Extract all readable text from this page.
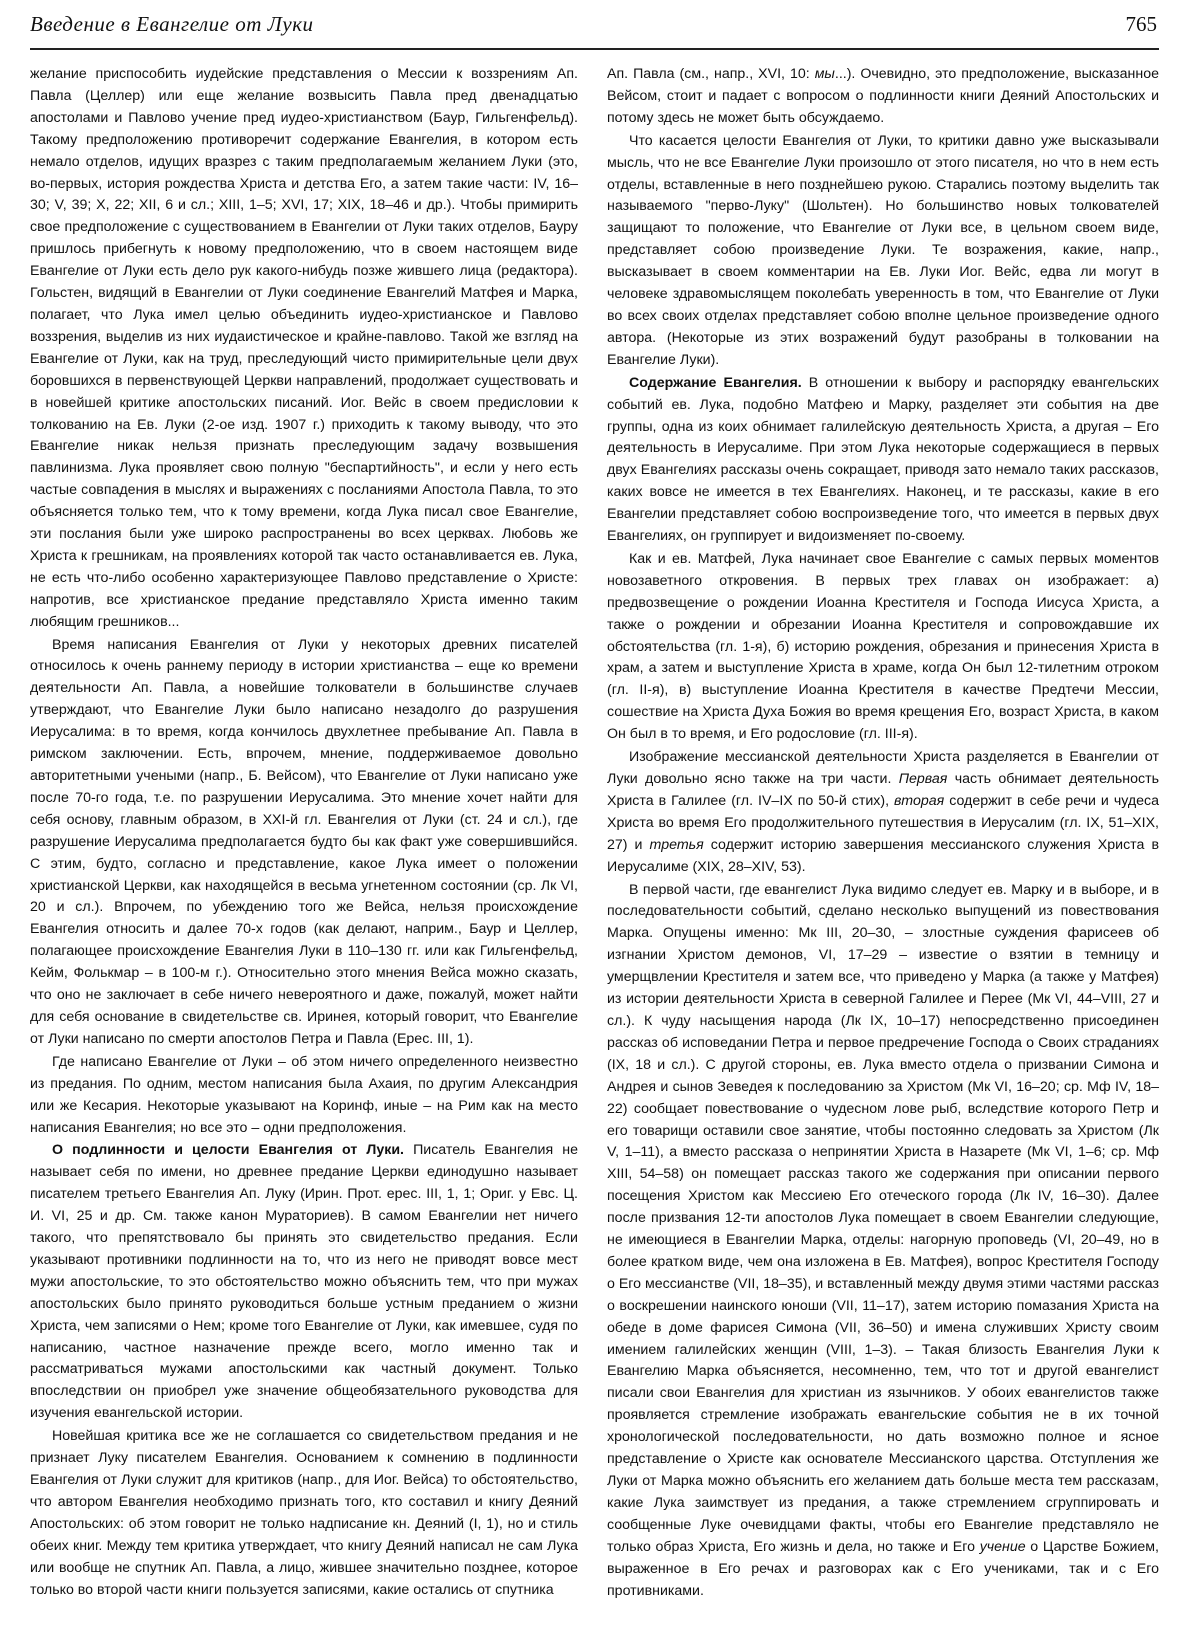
Введение в Евангелие от Луки	765

желание приспособить иудейские представления о Мессии к воззрениям Ап. Павла (Целлер) или еще желание возвысить Павла пред двенадцатью апостолами и Павлово учение пред иудео-христианством (Баур, Гильгенфельд). Такому предположению противоречит содержание Евангелия, в котором есть немало отделов, идущих вразрез с таким предполагаемым желанием Луки (это, во-первых, история рождества Христа и детства Его, а затем такие части: IV, 16–30; V, 39; X, 22; XII, 6 и сл.; XIII, 1–5; XVI, 17; XIX, 18–46 и др.). Чтобы примирить свое предположение с существованием в Евангелии от Луки таких отделов, Бауру пришлось прибегнуть к новому предположению, что в своем настоящем виде Евангелие от Луки есть дело рук какого-нибудь позже жившего лица (редактора). Гольстен, видящий в Евангелии от Луки соединение Евангелий Матфея и Марка, полагает, что Лука имел целью объединить иудео-христианское и Павлово воззрения, выделив из них иудаистическое и крайне-павлово. Такой же взгляд на Евангелие от Луки, как на труд, преследующий чисто примирительные цели двух боровшихся в первенствующей Церкви направлений, продолжает существовать и в новейшей критике апостольских писаний. Иог. Вейс в своем предисловии к толкованию на Ев. Луки (2-ое изд. 1907 г.) приходить к такому выводу, что это Евангелие никак нельзя признать преследующим задачу возвышения павлинизма. Лука проявляет свою полную "беспартийность", и если у него есть частые совпадения в мыслях и выражениях с посланиями Апостола Павла, то это объясняется только тем, что к тому времени, когда Лука писал свое Евангелие, эти послания были уже широко распространены во всех церквах. Любовь же Христа к грешникам, на проявлениях которой так часто останавливается ев. Лука, не есть что-либо особенно характеризующее Павлово представление о Христе: напротив, все христианское предание представляло Христа именно таким любящим грешников...

Время написания Евангелия от Луки у некоторых древних писателей относилось к очень раннему периоду в истории христианства – еще ко времени деятельности Ап. Павла, а новейшие толкователи в большинстве случаев утверждают, что Евангелие Луки было написано незадолго до разрушения Иерусалима: в то время, когда кончилось двухлетнее пребывание Ап. Павла в римском заключении. Есть, впрочем, мнение, поддерживаемое довольно авторитетными учеными (напр., Б. Вейсом), что Евангелие от Луки написано уже после 70-го года, т.е. по разрушении Иерусалима. Это мнение хочет найти для себя основу, главным образом, в XXI-й гл. Евангелия от Луки (ст. 24 и сл.), где разрушение Иерусалима предполагается будто бы как факт уже совершившийся. С этим, будто, согласно и представление, какое Лука имеет о положении христианской Церкви, как находящейся в весьма угнетенном состоянии (ср. Лк VI, 20 и сл.). Впрочем, по убеждению того же Вейса, нельзя происхождение Евангелия относить и далее 70-х годов (как делают, наприм., Баур и Целлер, полагающее происхождение Евангелия Луки в 110–130 гг. или как Гильгенфельд, Кейм, Фолькмар – в 100-м г.). Относительно этого мнения Вейса можно сказать, что оно не заключает в себе ничего невероятного и даже, пожалуй, может найти для себя основание в свидетельстве св. Иринея, который говорит, что Евангелие от Луки написано по смерти апостолов Петра и Павла (Ерес. III, 1).

Где написано Евангелие от Луки – об этом ничего определенного неизвестно из предания. По одним, местом написания была Ахаия, по другим Александрия или же Кесария. Некоторые указывают на Коринф, иные – на Рим как на место написания Евангелия; но все это – одни предположения.

О подлинности и целости Евангелия от Луки. Писатель Евангелия не называет себя по имени, но древнее предание Церкви единодушно называет писателем третьего Евангелия Ап. Луку (Ирин. Прот. ерес. III, 1, 1; Ориг. у Евс. Ц. И. VI, 25 и др. См. также канон Мураториев). В самом Евангелии нет ничего такого, что препятствовало бы принять это свидетельство предания. Если указывают противники подлинности на то, что из него не приводят вовсе мест мужи апостольские, то это обстоятельство можно объяснить тем, что при мужах апостольских было принято руководиться больше устным преданием о жизни Христа, чем записями о Нем; кроме того Евангелие от Луки, как имевшее, судя по написанию, частное назначение прежде всего, могло именно так и рассматриваться мужами апостольскими как частный документ. Только впоследствии он приобрел уже значение общеобязательного руководства для изучения евангельской истории.

Новейшая критика все же не соглашается со свидетельством предания и не признает Луку писателем Евангелия. Основанием к сомнению в подлинности Евангелия от Луки служит для критиков (напр., для Иог. Вейса) то обстоятельство, что автором Евангелия необходимо признать того, кто составил и книгу Деяний Апостольских: об этом говорит не только надписание кн. Деяний (I, 1), но и стиль обеих книг. Между тем критика утверждает, что книгу Деяний написал не сам Лука или вообще не спутник Ап. Павла, а лицо, жившее значительно позднее, которое только во второй части книги пользуется записями, какие остались от спутника

Ап. Павла (см., напр., XVI, 10: мы...). Очевидно, это предположение, высказанное Вейсом, стоит и падает с вопросом о подлинности книги Деяний Апостольских и потому здесь не может быть обсуждаемо.

Что касается целости Евангелия от Луки, то критики давно уже высказывали мысль, что не все Евангелие Луки произошло от этого писателя, но что в нем есть отделы, вставленные в него позднейшею рукою. Старались поэтому выделить так называемого "перво-Луку" (Шольтен). Но большинство новых толкователей защищают то положение, что Евангелие от Луки все, в цельном своем виде, представляет собою произведение Луки. Те возражения, какие, напр., высказывает в своем комментарии на Ев. Луки Иог. Вейс, едва ли могут в человеке здравомыслящем поколебать уверенность в том, что Евангелие от Луки во всех своих отделах представляет собою вполне цельное произведение одного автора. (Некоторые из этих возражений будут разобраны в толковании на Евангелие Луки).

Содержание Евангелия. В отношении к выбору и распорядку евангельских событий ев. Лука, подобно Матфею и Марку, разделяет эти события на две группы, одна из коих обнимает галилейскую деятельность Христа, а другая – Его деятельность в Иерусалиме. При этом Лука некоторые содержащиеся в первых двух Евангелиях рассказы очень сокращает, приводя зато немало таких рассказов, каких вовсе не имеется в тех Евангелиях. Наконец, и те рассказы, какие в его Евангелии представляет собою воспроизведение того, что имеется в первых двух Евангелиях, он группирует и видоизменяет по-своему.

Как и ев. Матфей, Лука начинает свое Евангелие с самых первых моментов новозаветного откровения. В первых трех главах он изображает: а) предвозвещение о рождении Иоанна Крестителя и Господа Иисуса Христа, а также о рождении и обрезании Иоанна Крестителя и сопровождавшие их обстоятельства (гл. 1-я), б) историю рождения, обрезания и принесения Христа в храм, а затем и выступление Христа в храме, когда Он был 12-тилетним отроком (гл. II-я), в) выступление Иоанна Крестителя в качестве Предтечи Мессии, сошествие на Христа Духа Божия во время крещения Его, возраст Христа, в каком Он был в то время, и Его родословие (гл. III-я).

Изображение мессианской деятельности Христа разделяется в Евангелии от Луки довольно ясно также на три части. Первая часть обнимает деятельность Христа в Галилее (гл. IV–IX по 50-й стих), вторая содержит в себе речи и чудеса Христа во время Его продолжительного путешествия в Иерусалим (гл. IX, 51–XIX, 27) и третья содержит историю завершения мессианского служения Христа в Иерусалиме (XIX, 28–XIV, 53).

В первой части, где евангелист Лука видимо следует ев. Марку и в выборе, и в последовательности событий, сделано несколько выпущений из повествования Марка. Опущены именно: Мк III, 20–30, – злостные суждения фарисеев об изгнании Христом демонов, VI, 17–29 – известие о взятии в темницу и умерщвлении Крестителя и затем все, что приведено у Марка (а также у Матфея) из истории деятельности Христа в северной Галилее и Перее (Мк VI, 44–VIII, 27 и сл.). К чуду насыщения народа (Лк IX, 10–17) непосредственно присоединен рассказ об исповедании Петра и первое предречение Господа о Своих страданиях (IX, 18 и сл.). С другой стороны, ев. Лука вместо отдела о призвании Симона и Андрея и сынов Зеведея к последованию за Христом (Мк VI, 16–20; ср. Мф IV, 18–22) сообщает повествование о чудесном лове рыб, вследствие которого Петр и его товарищи оставили свое занятие, чтобы постоянно следовать за Христом (Лк V, 1–11), а вместо рассказа о непринятии Христа в Назарете (Мк VI, 1–6; ср. Мф XIII, 54–58) он помещает рассказ такого же содержания при описании первого посещения Христом как Мессиею Его отеческого города (Лк IV, 16–30). Далее после призвания 12-ти апостолов Лука помещает в своем Евангелии следующие, не имеющиеся в Евангелии Марка, отделы: нагорную проповедь (VI, 20–49, но в более кратком виде, чем она изложена в Ев. Матфея), вопрос Крестителя Господу о Его мессианстве (VII, 18–35), и вставленный между двумя этими частями рассказ о воскрешении наинского юноши (VII, 11–17), затем историю помазания Христа на обеде в доме фарисея Симона (VII, 36–50) и имена служивших Христу своим имением галилейских женщин (VIII, 1–3). – Такая близость Евангелия Луки к Евангелию Марка объясняется, несомненно, тем, что тот и другой евангелист писали свои Евангелия для христиан из язычников. У обоих евангелистов также проявляется стремление изображать евангельские события не в их точной хронологической последовательности, но дать возможно полное и ясное представление о Христе как основателе Мессианского царства. Отступления же Луки от Марка можно объяснить его желанием дать больше места тем рассказам, какие Лука заимствует из предания, а также стремлением сгруппировать и сообщенные Луке очевидцами факты, чтобы его Евангелие представляло не только образ Христа, Его жизнь и дела, но также и Его учение о Царстве Божием, выраженное в Его речах и разговорах как с Его учениками, так и с Его противниками.
